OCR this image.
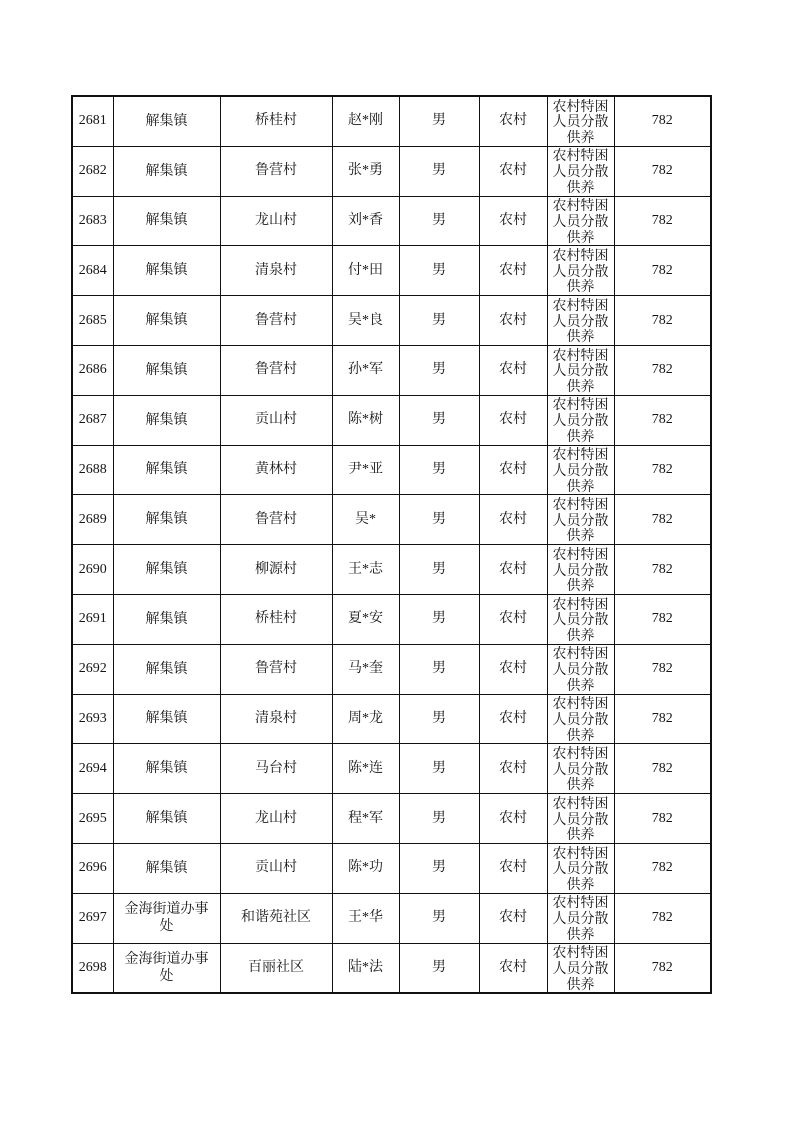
2681	解集镇	桥桂村	赵*刚	男	农村	农村特困人员分散供养	782
2682	解集镇	鲁营村	张*勇	男	农村	农村特困人员分散供养	782
2683	解集镇	龙山村	刘*香	男	农村	农村特困人员分散供养	782
2684	解集镇	清泉村	付*田	男	农村	农村特困人员分散供养	782
2685	解集镇	鲁营村	吴*良	男	农村	农村特困人员分散供养	782
2686	解集镇	鲁营村	孙*军	男	农村	农村特困人员分散供养	782
2687	解集镇	贡山村	陈*树	男	农村	农村特困人员分散供养	782
2688	解集镇	黄林村	尹*亚	男	农村	农村特困人员分散供养	782
2689	解集镇	鲁营村	吴*	男	农村	农村特困人员分散供养	782
2690	解集镇	柳源村	王*志	男	农村	农村特困人员分散供养	782
2691	解集镇	桥桂村	夏*安	男	农村	农村特困人员分散供养	782
2692	解集镇	鲁营村	马*奎	男	农村	农村特困人员分散供养	782
2693	解集镇	清泉村	周*龙	男	农村	农村特困人员分散供养	782
2694	解集镇	马台村	陈*连	男	农村	农村特困人员分散供养	782
2695	解集镇	龙山村	程*军	男	农村	农村特困人员分散供养	782
2696	解集镇	贡山村	陈*功	男	农村	农村特困人员分散供养	782
2697	金海街道办事处	和谐苑社区	王*华	男	农村	农村特困人员分散供养	782
2698	金海街道办事处	百丽社区	陆*法	男	农村	农村特困人员分散供养	782
